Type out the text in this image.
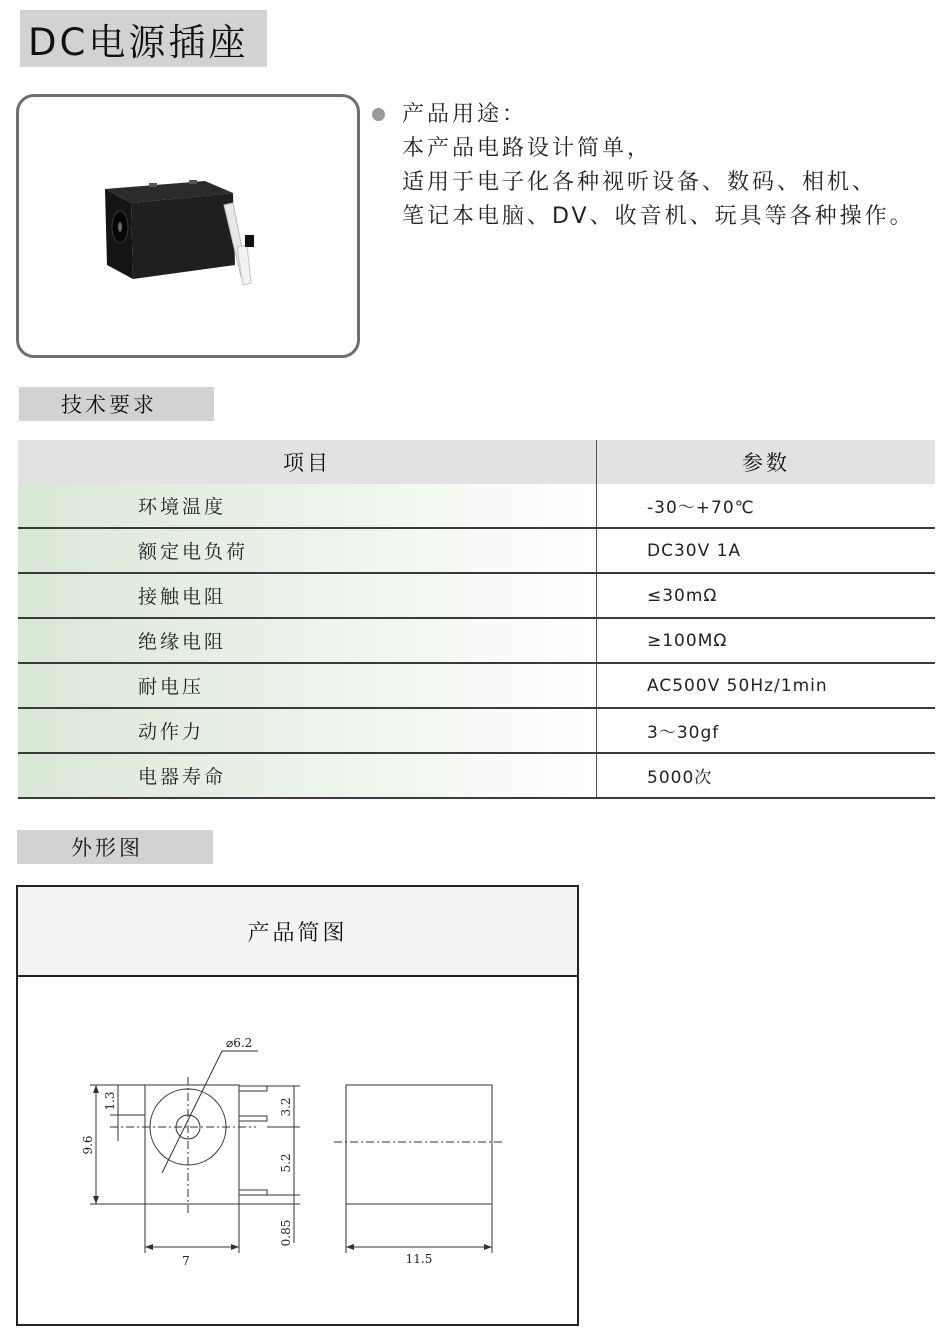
DC电源插座
产品用途：
本产品电路设计简单，
适用于电子化各种视听设备、数码、相机、
笔记本电脑、DV、收音机、玩具等各种操作。
技术要求
项目	参数
环境温度	-30～+70℃
额定电负荷	DC30V 1A
接触电阻	≤30mΩ
绝缘电阻	≥100MΩ
耐电压	AC500V 50Hz/1min
动作力	3～30gf
电器寿命	5000次
外形图
产品简图
⌀6.2
7	11.5
9.6
1.3	3.2
5.2
0.85
